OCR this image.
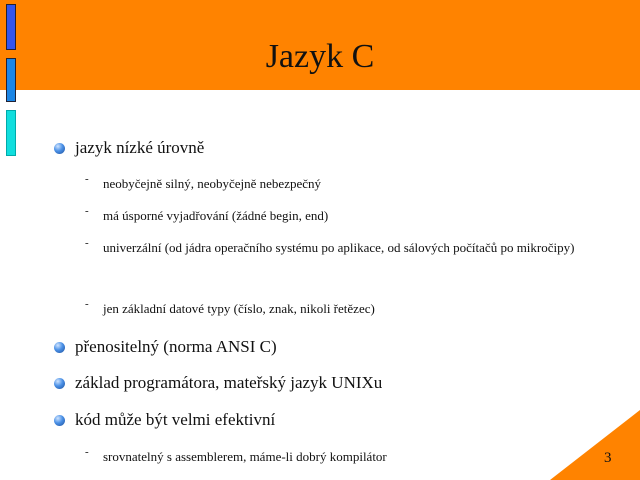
Jazyk C
jazyk nízké úrovně
-	neobyčejně silný, neobyčejně nebezpečný
-	má úsporné vyjadřování (žádné begin, end)
-	univerzální (od jádra operačního systému po aplikace, od sálových počítačů po mikročipy)
-	jen základní datové typy (číslo, znak, nikoli řetězec)
přenositelný (norma ANSI C)
základ programátora, mateřský jazyk UNIXu
kód může být velmi efektivní
-	srovnatelný s assemblerem, máme-li dobrý kompilátor	3
